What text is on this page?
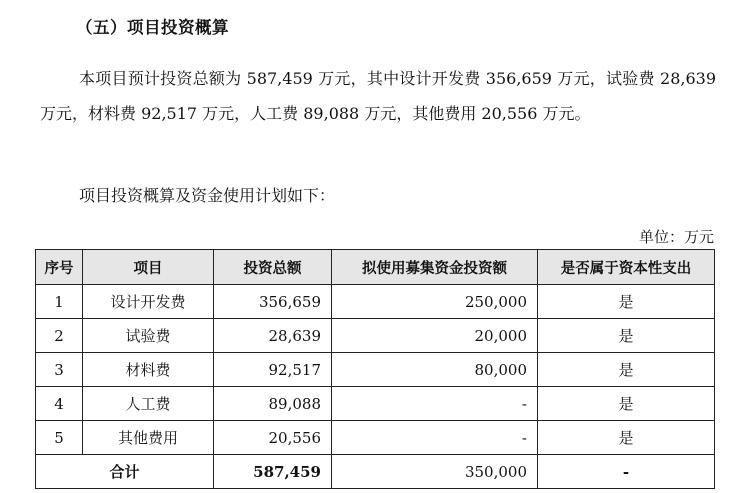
（五）项目投资概算
本项目预计投资总额为 587,459 万元，其中设计开发费 356,659 万元，试验费 28,639 万元，材料费 92,517 万元，人工费 89,088 万元，其他费用 20,556 万元。
项目投资概算及资金使用计划如下：
单位：万元
序号	项目	投资总额	拟使用募集资金投资额	是否属于资本性支出
1	设计开发费	356,659	250,000	是
2	试验费	28,639	20,000	是
3	材料费	92,517	80,000	是
4	人工费	89,088	-	是
5	其他费用	20,556	-	是
合计		587,459	350,000	-
